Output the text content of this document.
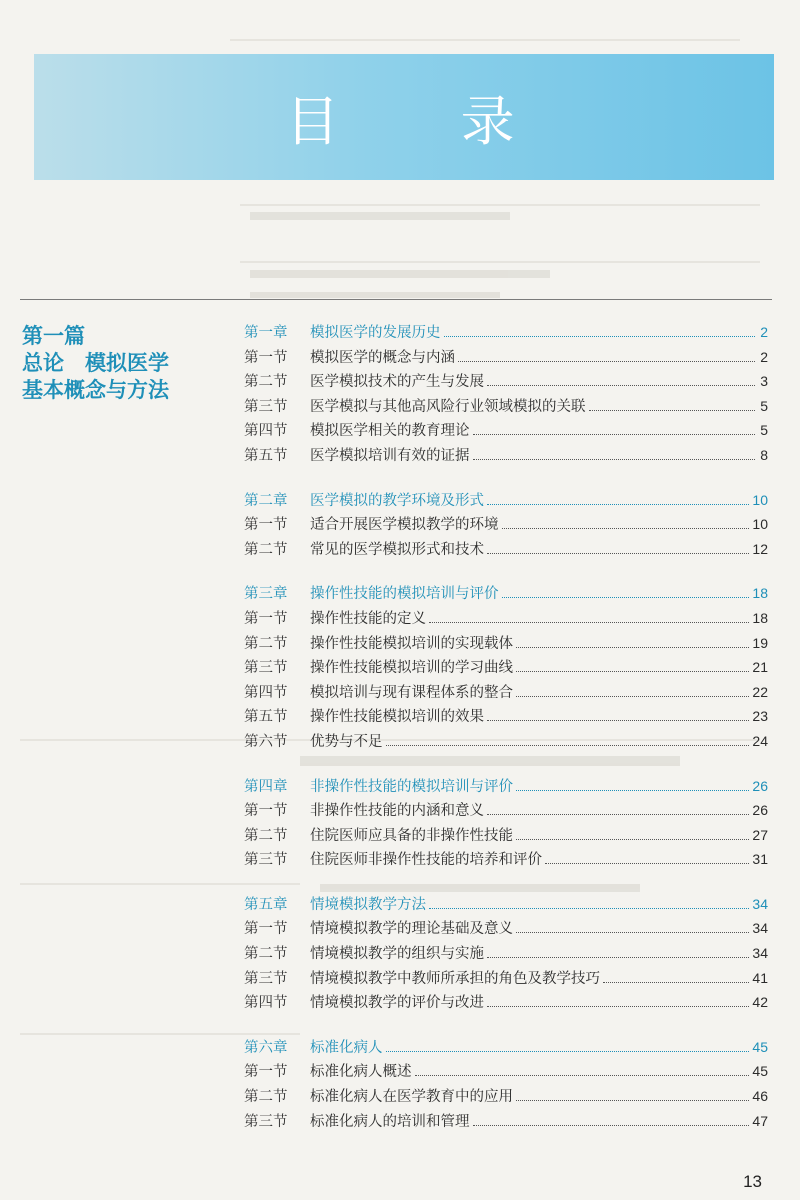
目 录
第一篇
总论　模拟医学
基本概念与方法
第一章	模拟医学的发展历史	2
第一节	模拟医学的概念与内涵	2
第二节	医学模拟技术的产生与发展	3
第三节	医学模拟与其他高风险行业领域模拟的关联	5
第四节	模拟医学相关的教育理论	5
第五节	医学模拟培训有效的证据	8
第二章	医学模拟的教学环境及形式	10
第一节	适合开展医学模拟教学的环境	10
第二节	常见的医学模拟形式和技术	12
第三章	操作性技能的模拟培训与评价	18
第一节	操作性技能的定义	18
第二节	操作性技能模拟培训的实现载体	19
第三节	操作性技能模拟培训的学习曲线	21
第四节	模拟培训与现有课程体系的整合	22
第五节	操作性技能模拟培训的效果	23
第六节	优势与不足	24
第四章	非操作性技能的模拟培训与评价	26
第一节	非操作性技能的内涵和意义	26
第二节	住院医师应具备的非操作性技能	27
第三节	住院医师非操作性技能的培养和评价	31
第五章	情境模拟教学方法	34
第一节	情境模拟教学的理论基础及意义	34
第二节	情境模拟教学的组织与实施	34
第三节	情境模拟教学中教师所承担的角色及教学技巧	41
第四节	情境模拟教学的评价与改进	42
第六章	标准化病人	45
第一节	标准化病人概述	45
第二节	标准化病人在医学教育中的应用	46
第三节	标准化病人的培训和管理	47
13
